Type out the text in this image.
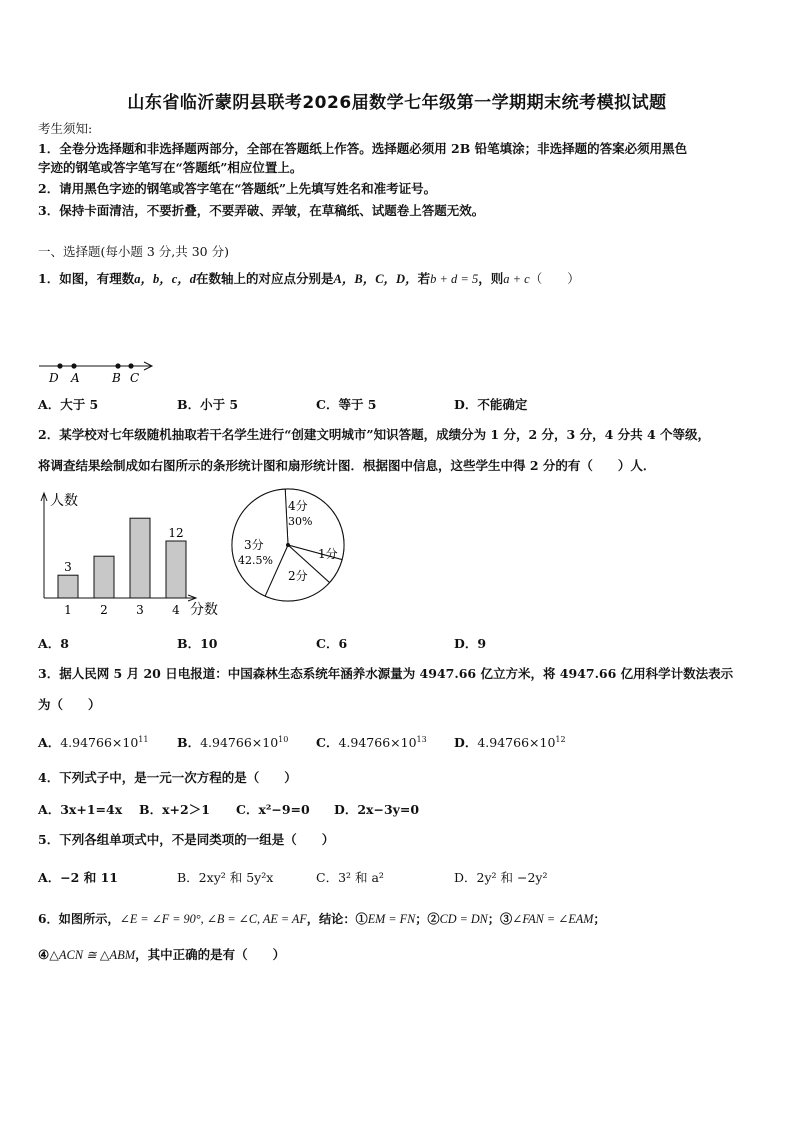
山东省临沂蒙阴县联考2026届数学七年级第一学期期末统考模拟试题
考生须知:
1．全卷分选择题和非选择题两部分，全部在答题纸上作答。选择题必须用 2B 铅笔填涂；非选择题的答案必须用黑色
字迹的钢笔或答字笔写在“答题纸”相应位置上。
2．请用黑色字迹的钢笔或答字笔在“答题纸”上先填写姓名和准考证号。
3．保持卡面清洁，不要折叠，不要弄破、弄皱，在草稿纸、试题卷上答题无效。
一、选择题(每小题 3 分,共 30 分)
1．如图，有理数a，b，c，d在数轴上的对应点分别是A，B，C，D，若b + d = 5，则a + c（　　）
D A	B C
A．大于 5	B．小于 5	C．等于 5	D．不能确定
2．某学校对七年级随机抽取若干名学生进行“创建文明城市”知识答题，成绩分为 1 分，2 分，3 分，4 分共 4 个等级，
将调查结果绘制成如右图所示的条形统计图和扇形统计图．根据图中信息，这些学生中得 2 分的有（　　）人．
人数
分数
1
3
2 3 4
12
4分
30%
3分
42.5%	1分
2分
A．8	B．10	C．6	D．9
3．据人民网 5 月 20 日电报道：中国森林生态系统年涵养水源量为 4947.66 亿立方米，将 4947.66 亿用科学计数法表示
为（　　）
A．$4.94766\times 10^{11}$ B．$4.94766\times 10^{10}$ C．$4.94766\times 10^{13}$ D．$4.94766\times 10^{12}$
4．下列式子中，是一元一次方程的是（　　）
A．3x+1=4x B．x+2＞1 C．x²−9=0 D．2x−3y=0
5．下列各组单项式中，不是同类项的一组是（　　）
A．−2 和 11	B．2xy² 和 5y²x	C．3² 和 a²	D．2y² 和 −2y²
6．如图所示，∠E = ∠F = 90°, ∠B = ∠C, AE = AF，结论：①EM = FN；②CD = DN；③∠FAN = ∠EAM；
④△ACN ≅ △ABM，其中正确的是有（　　）
